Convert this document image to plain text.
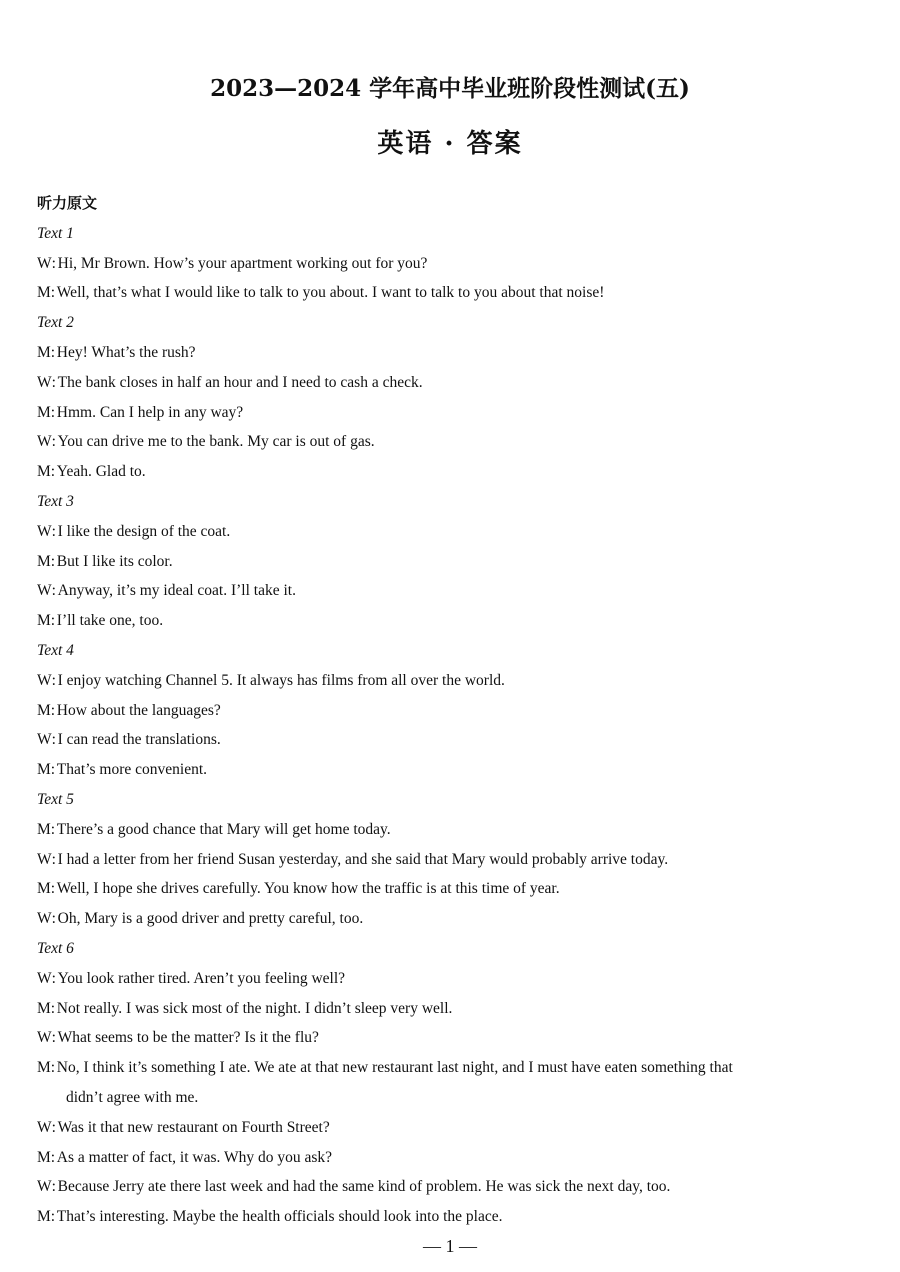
2023—2024 学年高中毕业班阶段性测试(五)
英语 · 答案
听力原文
Text 1
W: Hi, Mr Brown. How’s your apartment working out for you?
M: Well, that’s what I would like to talk to you about. I want to talk to you about that noise!
Text 2
M: Hey! What’s the rush?
W: The bank closes in half an hour and I need to cash a check.
M: Hmm. Can I help in any way?
W: You can drive me to the bank. My car is out of gas.
M: Yeah. Glad to.
Text 3
W: I like the design of the coat.
M: But I like its color.
W: Anyway, it’s my ideal coat. I’ll take it.
M: I’ll take one, too.
Text 4
W: I enjoy watching Channel 5. It always has films from all over the world.
M: How about the languages?
W: I can read the translations.
M: That’s more convenient.
Text 5
M: There’s a good chance that Mary will get home today.
W: I had a letter from her friend Susan yesterday, and she said that Mary would probably arrive today.
M: Well, I hope she drives carefully. You know how the traffic is at this time of year.
W: Oh, Mary is a good driver and pretty careful, too.
Text 6
W: You look rather tired. Aren’t you feeling well?
M: Not really. I was sick most of the night. I didn’t sleep very well.
W: What seems to be the matter? Is it the flu?
M: No, I think it’s something I ate. We ate at that new restaurant last night, and I must have eaten something that
didn’t agree with me.
W: Was it that new restaurant on Fourth Street?
M: As a matter of fact, it was. Why do you ask?
W: Because Jerry ate there last week and had the same kind of problem. He was sick the next day, too.
M: That’s interesting. Maybe the health officials should look into the place.
— 1 —
